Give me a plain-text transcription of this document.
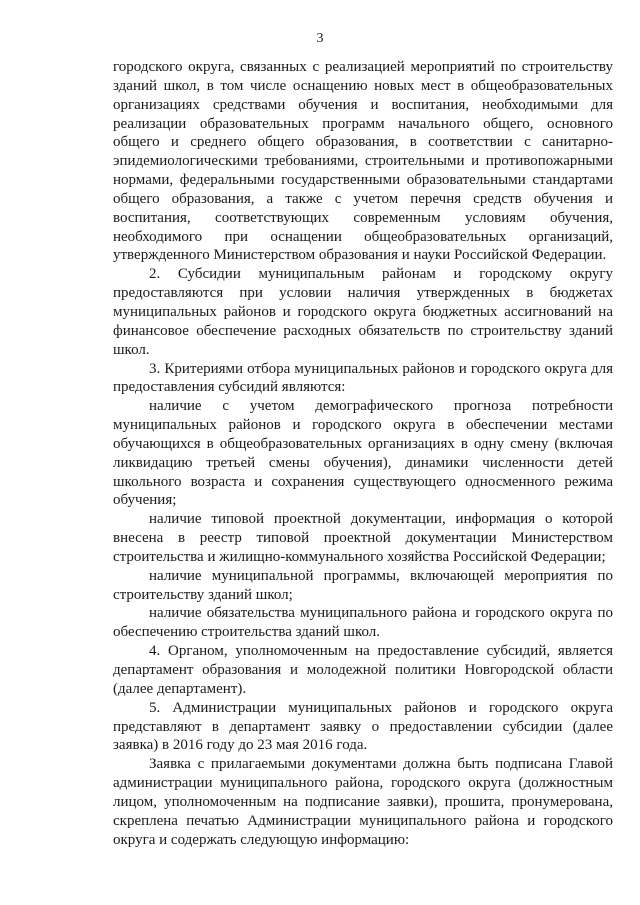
3

городского округа, связанных с реализацией мероприятий по строительству зданий школ, в том числе оснащению новых мест в общеобразовательных организациях средствами обучения и воспитания, необходимыми для реализации образовательных программ начального общего, основного общего и среднего общего образования, в соответствии с санитарно-эпидемиологическими требованиями, строительными и противопожарными нормами, федеральными государственными образовательными стандартами общего образования, а также с учетом перечня средств обучения и воспитания, соответствующих современным условиям обучения, необходимого при оснащении общеобразовательных организаций, утвержденного Министерством образования и науки Российской Федерации.

2. Субсидии муниципальным районам и городскому округу предоставляются при условии наличия утвержденных в бюджетах муниципальных районов и городского округа бюджетных ассигнований на финансовое обеспечение расходных обязательств по строительству зданий школ.

3. Критериями отбора муниципальных районов и городского округа для предоставления субсидий являются:

наличие с учетом демографического прогноза потребности муниципальных районов и городского округа в обеспечении местами обучающихся в общеобразовательных организациях в одну смену (включая ликвидацию третьей смены обучения), динамики численности детей школьного возраста и сохранения существующего односменного режима обучения;

наличие типовой проектной документации, информация о которой внесена в реестр типовой проектной документации Министерством строительства и жилищно-коммунального хозяйства Российской Федерации;

наличие муниципальной программы, включающей мероприятия по строительству зданий школ;

наличие обязательства муниципального района и городского округа по обеспечению строительства зданий школ.

4. Органом, уполномоченным на предоставление субсидий, является департамент образования и молодежной политики Новгородской области (далее департамент).

5. Администрации муниципальных районов и городского округа представляют в департамент заявку о предоставлении субсидии (далее заявка) в 2016 году до 23 мая 2016 года.

Заявка с прилагаемыми документами должна быть подписана Главой администрации муниципального района, городского округа (должностным лицом, уполномоченным на подписание заявки), прошита, пронумерована, скреплена печатью Администрации муниципального района и городского округа и содержать следующую информацию:
